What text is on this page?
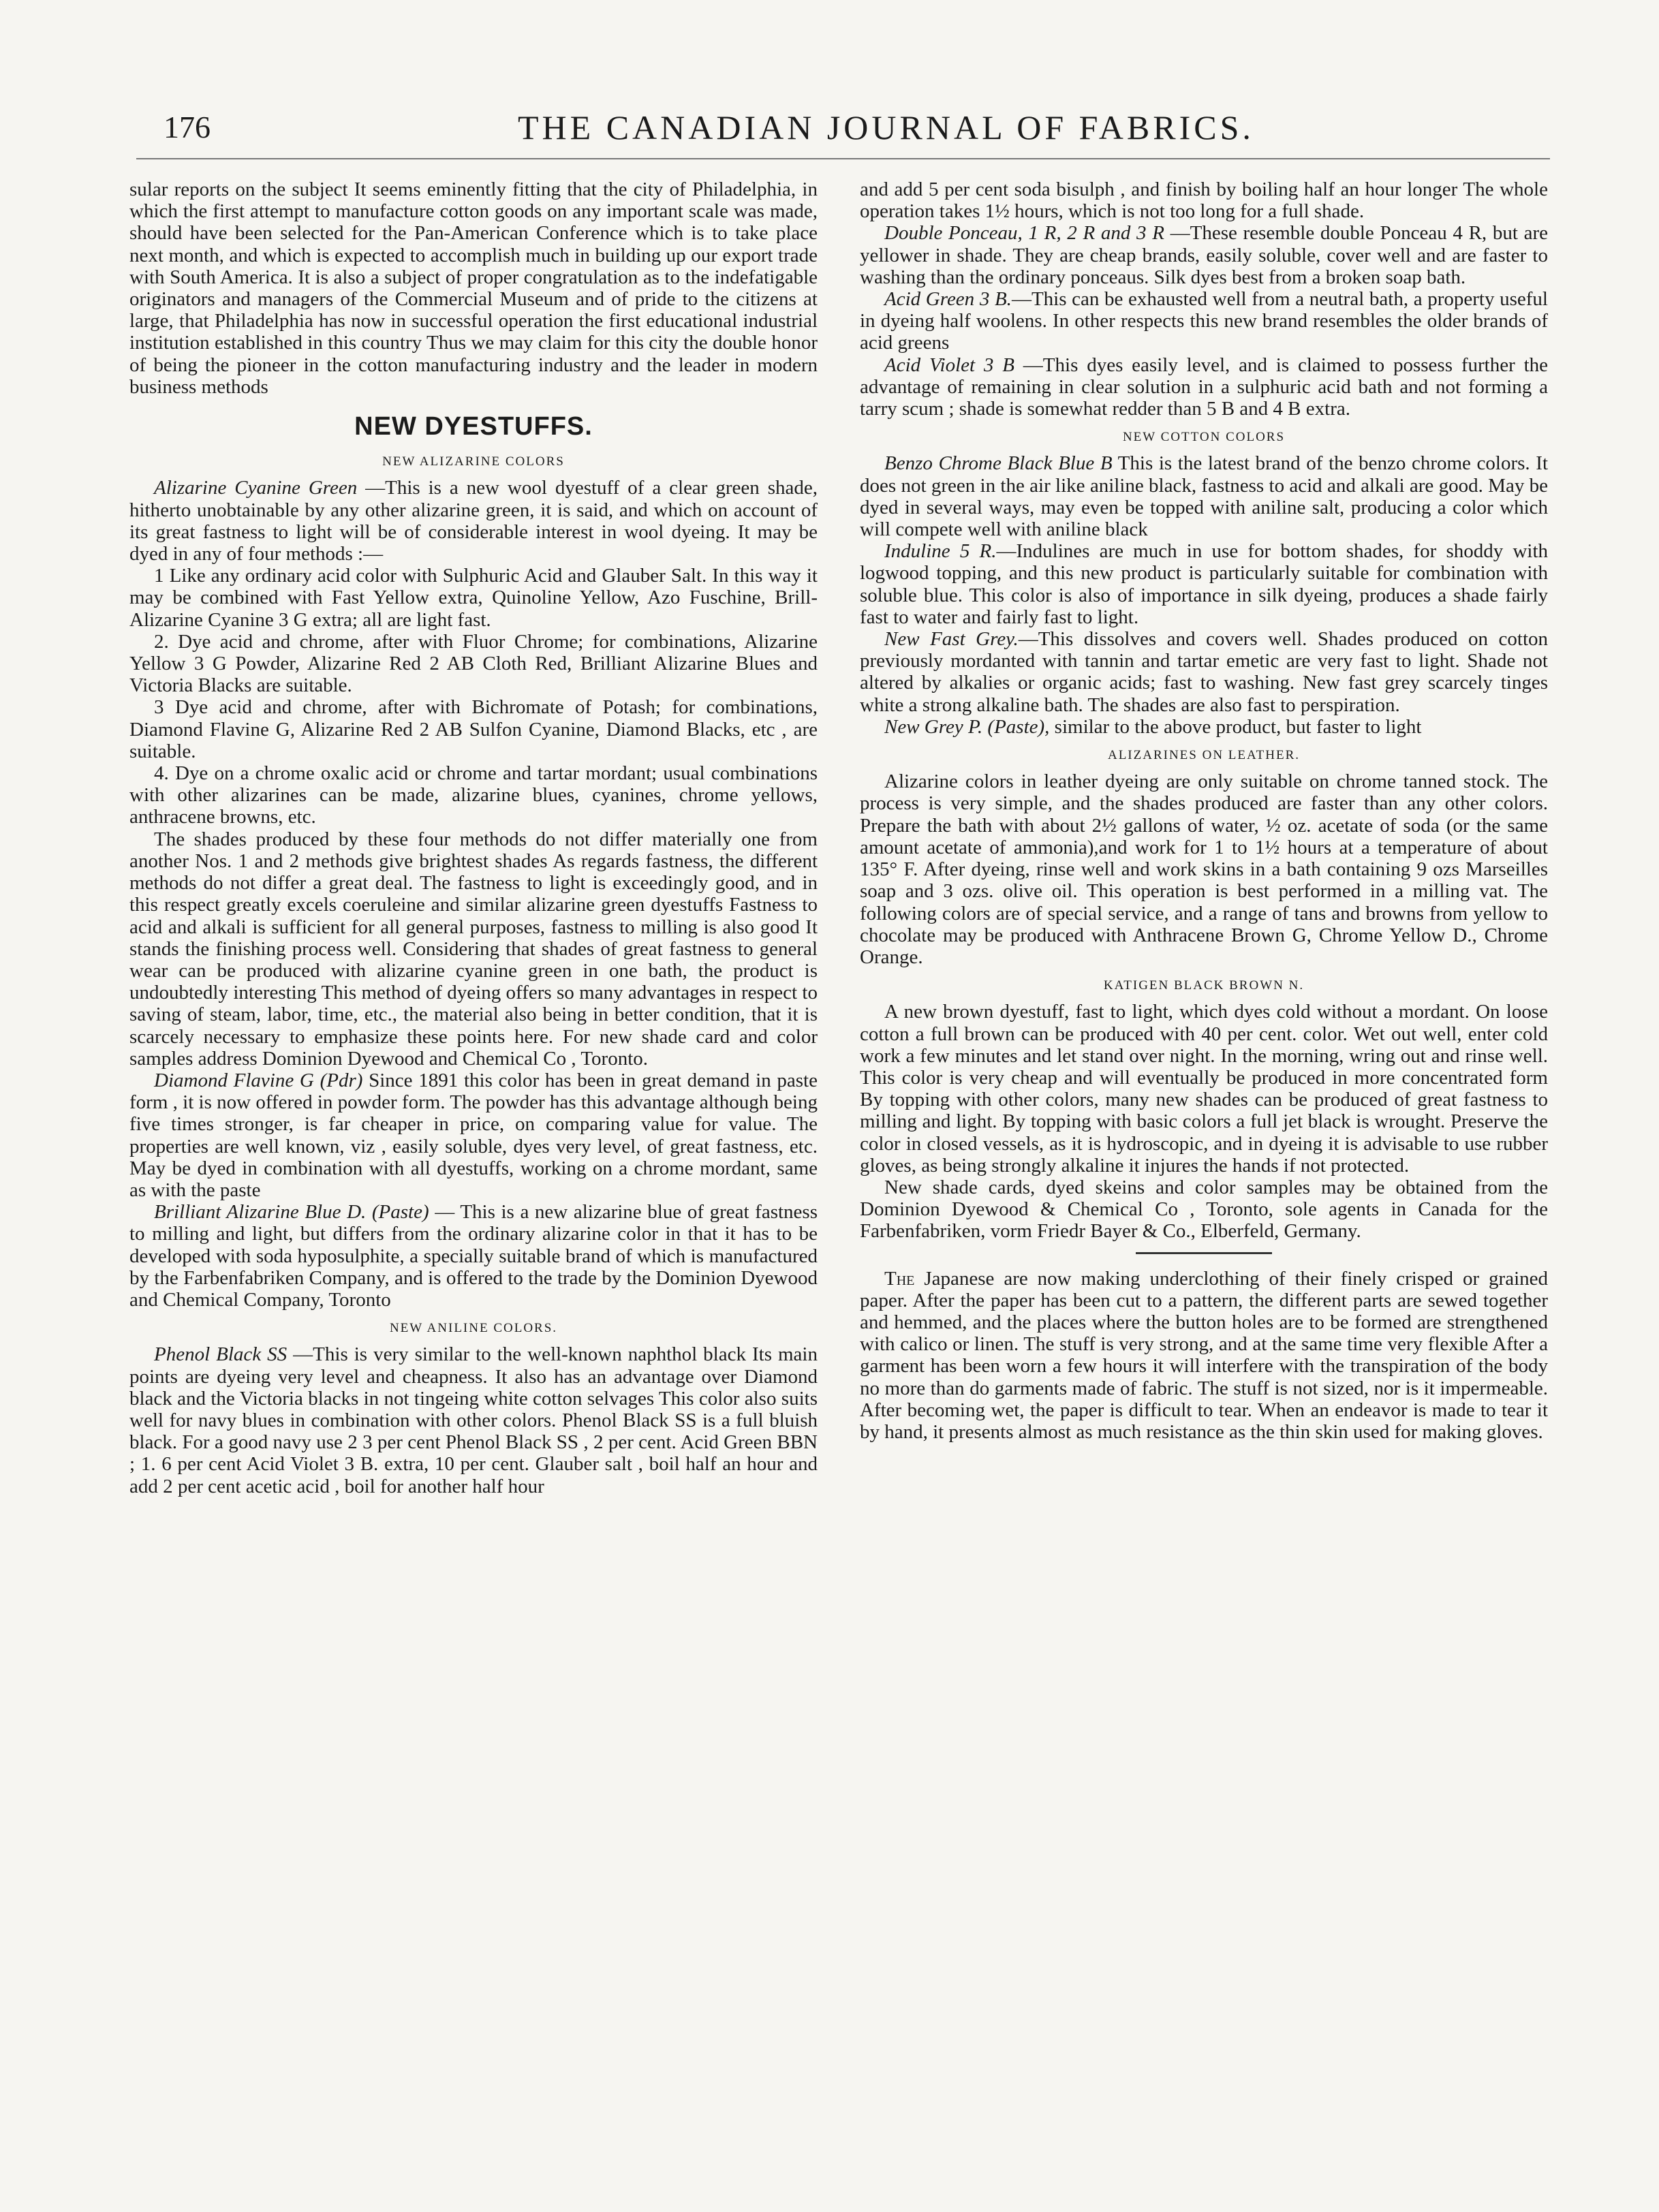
176	THE CANADIAN JOURNAL OF FABRICS.

sular reports on the subject It seems eminently fitting that the city of Philadelphia, in which the first attempt to manufacture cotton goods on any important scale was made, should have been selected for the Pan-American Conference which is to take place next month, and which is expected to accomplish much in building up our export trade with South America. It is also a subject of proper congratulation as to the indefatigable originators and managers of the Commercial Museum and of pride to the citizens at large, that Philadelphia has now in successful operation the first educational industrial institution established in this country Thus we may claim for this city the double honor of being the pioneer in the cotton manufacturing industry and the leader in modern business methods

NEW DYESTUFFS.
NEW ALIZARINE COLORS

Alizarine Cyanine Green —This is a new wool dyestuff of a clear green shade, hitherto unobtainable by any other alizarine green, it is said, and which on account of its great fastness to light will be of considerable interest in wool dyeing. It may be dyed in any of four methods :—

1 Like any ordinary acid color with Sulphuric Acid and Glauber Salt. In this way it may be combined with Fast Yellow extra, Quinoline Yellow, Azo Fuschine, Brill-Alizarine Cyanine 3 G extra; all are light fast.

2. Dye acid and chrome, after with Fluor Chrome; for combinations, Alizarine Yellow 3 G Powder, Alizarine Red 2 AB Cloth Red, Brilliant Alizarine Blues and Victoria Blacks are suitable.

3 Dye acid and chrome, after with Bichromate of Potash; for combinations, Diamond Flavine G, Alizarine Red 2 AB Sulfon Cyanine, Diamond Blacks, etc , are suitable.

4. Dye on a chrome oxalic acid or chrome and tartar mordant; usual combinations with other alizarines can be made, alizarine blues, cyanines, chrome yellows, anthracene browns, etc.

The shades produced by these four methods do not differ materially one from another Nos. 1 and 2 methods give brightest shades As regards fastness, the different methods do not differ a great deal. The fastness to light is exceedingly good, and in this respect greatly excels coeruleine and similar alizarine green dyestuffs Fastness to acid and alkali is sufficient for all general purposes, fastness to milling is also good It stands the finishing process well. Considering that shades of great fastness to general wear can be produced with alizarine cyanine green in one bath, the product is undoubtedly interesting This method of dyeing offers so many advantages in respect to saving of steam, labor, time, etc., the material also being in better condition, that it is scarcely necessary to emphasize these points here. For new shade card and color samples address Dominion Dyewood and Chemical Co , Toronto.

Diamond Flavine G (Pdr) Since 1891 this color has been in great demand in paste form , it is now offered in powder form. The powder has this advantage although being five times stronger, is far cheaper in price, on comparing value for value. The properties are well known, viz , easily soluble, dyes very level, of great fastness, etc. May be dyed in combination with all dyestuffs, working on a chrome mordant, same as with the paste

Brilliant Alizarine Blue D. (Paste) — This is a new alizarine blue of great fastness to milling and light, but differs from the ordinary alizarine color in that it has to be developed with soda hyposulphite, a specially suitable brand of which is manufactured by the Farbenfabriken Company, and is offered to the trade by the Dominion Dyewood and Chemical Company, Toronto

NEW ANILINE COLORS.

Phenol Black SS —This is very similar to the well-known naphthol black Its main points are dyeing very level and cheapness. It also has an advantage over Diamond black and the Victoria blacks in not tingeing white cotton selvages This color also suits well for navy blues in combination with other colors. Phenol Black SS is a full bluish black. For a good navy use 2 3 per cent Phenol Black SS , 2 per cent. Acid Green BBN ; 1. 6 per cent Acid Violet 3 B. extra, 10 per cent. Glauber salt , boil half an hour and add 2 per cent acetic acid , boil for another half hour

and add 5 per cent soda bisulph , and finish by boiling half an hour longer The whole operation takes 1½ hours, which is not too long for a full shade.

Double Ponceau, 1 R, 2 R and 3 R —These resemble double Ponceau 4 R, but are yellower in shade. They are cheap brands, easily soluble, cover well and are faster to washing than the ordinary ponceaus. Silk dyes best from a broken soap bath.

Acid Green 3 B.—This can be exhausted well from a neutral bath, a property useful in dyeing half woolens. In other respects this new brand resembles the older brands of acid greens

Acid Violet 3 B —This dyes easily level, and is claimed to possess further the advantage of remaining in clear solution in a sulphuric acid bath and not forming a tarry scum ; shade is somewhat redder than 5 B and 4 B extra.

NEW COTTON COLORS

Benzo Chrome Black Blue B This is the latest brand of the benzo chrome colors. It does not green in the air like aniline black, fastness to acid and alkali are good. May be dyed in several ways, may even be topped with aniline salt, producing a color which will compete well with aniline black

Induline 5 R.—Indulines are much in use for bottom shades, for shoddy with logwood topping, and this new product is particularly suitable for combination with soluble blue. This color is also of importance in silk dyeing, produces a shade fairly fast to water and fairly fast to light.

New Fast Grey.—This dissolves and covers well. Shades produced on cotton previously mordanted with tannin and tartar emetic are very fast to light. Shade not altered by alkalies or organic acids; fast to washing. New fast grey scarcely tinges white a strong alkaline bath. The shades are also fast to perspiration.

New Grey P. (Paste), similar to the above product, but faster to light

ALIZARINES ON LEATHER.

Alizarine colors in leather dyeing are only suitable on chrome tanned stock. The process is very simple, and the shades produced are faster than any other colors. Prepare the bath with about 2½ gallons of water, ½ oz. acetate of soda (or the same amount acetate of ammonia),and work for 1 to 1½ hours at a temperature of about 135° F. After dyeing, rinse well and work skins in a bath containing 9 ozs Marseilles soap and 3 ozs. olive oil. This operation is best performed in a milling vat. The following colors are of special service, and a range of tans and browns from yellow to chocolate may be produced with Anthracene Brown G, Chrome Yellow D., Chrome Orange.

KATIGEN BLACK BROWN N.

A new brown dyestuff, fast to light, which dyes cold without a mordant. On loose cotton a full brown can be produced with 40 per cent. color. Wet out well, enter cold work a few minutes and let stand over night. In the morning, wring out and rinse well. This color is very cheap and will eventually be produced in more concentrated form By topping with other colors, many new shades can be produced of great fastness to milling and light. By topping with basic colors a full jet black is wrought. Preserve the color in closed vessels, as it is hydroscopic, and in dyeing it is advisable to use rubber gloves, as being strongly alkaline it injures the hands if not protected.

New shade cards, dyed skeins and color samples may be obtained from the Dominion Dyewood & Chemical Co , Toronto, sole agents in Canada for the Farbenfabriken, vorm Friedr Bayer & Co., Elberfeld, Germany.

The Japanese are now making underclothing of their finely crisped or grained paper. After the paper has been cut to a pattern, the different parts are sewed together and hemmed, and the places where the button holes are to be formed are strengthened with calico or linen. The stuff is very strong, and at the same time very flexible After a garment has been worn a few hours it will interfere with the transpiration of the body no more than do garments made of fabric. The stuff is not sized, nor is it impermeable. After becoming wet, the paper is difficult to tear. When an endeavor is made to tear it by hand, it presents almost as much resistance as the thin skin used for making gloves.
